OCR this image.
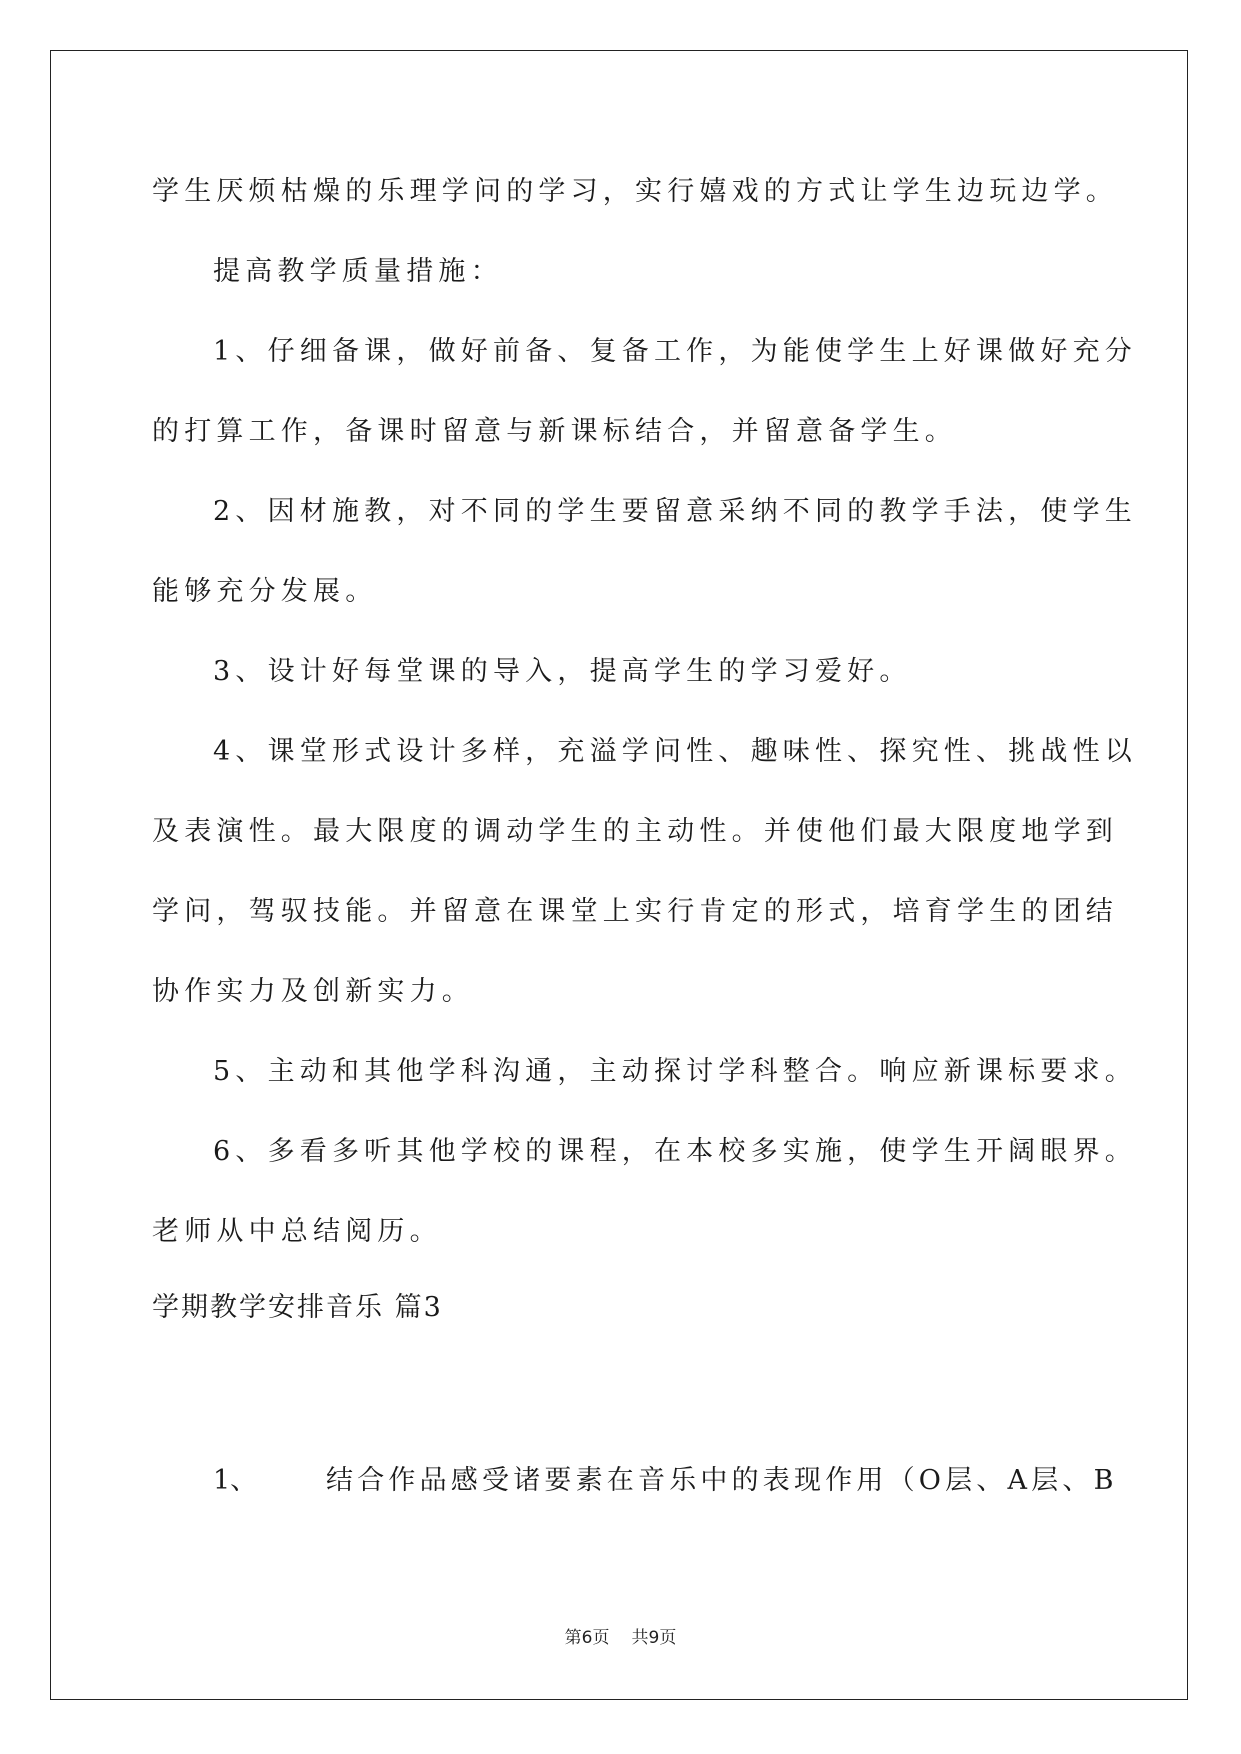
学生厌烦枯燥的乐理学问的学习，实行嬉戏的方式让学生边玩边学。
提高教学质量措施：
1、仔细备课，做好前备、复备工作，为能使学生上好课做好充分
的打算工作，备课时留意与新课标结合，并留意备学生。
2、因材施教，对不同的学生要留意采纳不同的教学手法，使学生
能够充分发展。
3、设计好每堂课的导入，提高学生的学习爱好。
4、课堂形式设计多样，充溢学问性、趣味性、探究性、挑战性以
及表演性。最大限度的调动学生的主动性。并使他们最大限度地学到
学问，驾驭技能。并留意在课堂上实行肯定的形式，培育学生的团结
协作实力及创新实力。
5、主动和其他学科沟通，主动探讨学科整合。响应新课标要求。
6、多看多听其他学校的课程，在本校多实施，使学生开阔眼界。
老师从中总结阅历。
学期教学安排音乐 篇3
1、	结合作品感受诸要素在音乐中的表现作用（O层、A层、B
第6页 共9页
